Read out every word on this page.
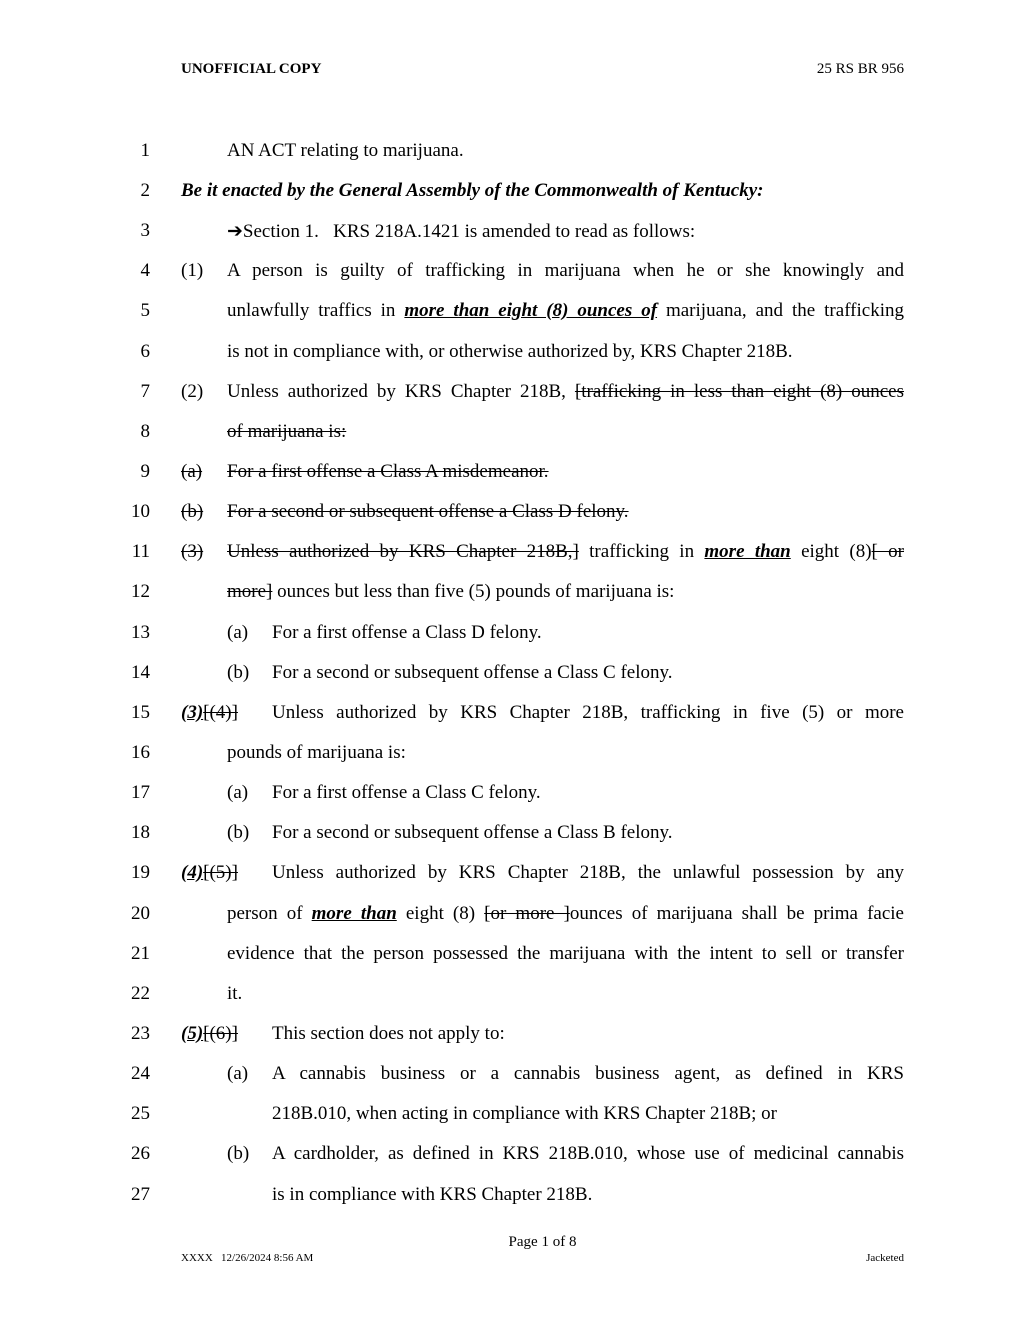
UNOFFICIAL COPY	25 RS BR 956
1
2
3
4
5
6
7
8
9
10
11
12
13
14
15
16
17
18
19
20
21
22
23
24
25
26
27
AN ACT relating to marijuana.
Be it enacted by the General Assembly of the Commonwealth of Kentucky:
➔Section 1.   KRS 218A.1421 is amended to read as follows:
(1) A person is guilty of trafficking in marijuana when he or she knowingly and
unlawfully traffics in more than eight (8) ounces of marijuana, and the trafficking
is not in compliance with, or otherwise authorized by, KRS Chapter 218B.
(2) Unless authorized by KRS Chapter 218B, [trafficking in less than eight (8) ounces
of marijuana is:
(a) For a first offense a Class A misdemeanor.
(b) For a second or subsequent offense a Class D felony.
(3) Unless authorized by KRS Chapter 218B,] trafficking in more than eight (8)[ or
more] ounces but less than five (5) pounds of marijuana is:
(a) For a first offense a Class D felony.
(b) For a second or subsequent offense a Class C felony.
(3)[(4)] Unless authorized by KRS Chapter 218B, trafficking in five (5) or more
pounds of marijuana is:
(a) For a first offense a Class C felony.
(b) For a second or subsequent offense a Class B felony.
(4)[(5)] Unless authorized by KRS Chapter 218B, the unlawful possession by any
person of more than eight (8) [or more ]ounces of marijuana shall be prima facie
evidence that the person possessed the marijuana with the intent to sell or transfer
it.
(5)[(6)] This section does not apply to:
(a) A cannabis business or a cannabis business agent, as defined in KRS
218B.010, when acting in compliance with KRS Chapter 218B; or
(b) A cardholder, as defined in KRS 218B.010, whose use of medicinal cannabis
is in compliance with KRS Chapter 218B.
Page 1 of 8
XXXX   12/26/2024 8:56 AM	Jacketed
